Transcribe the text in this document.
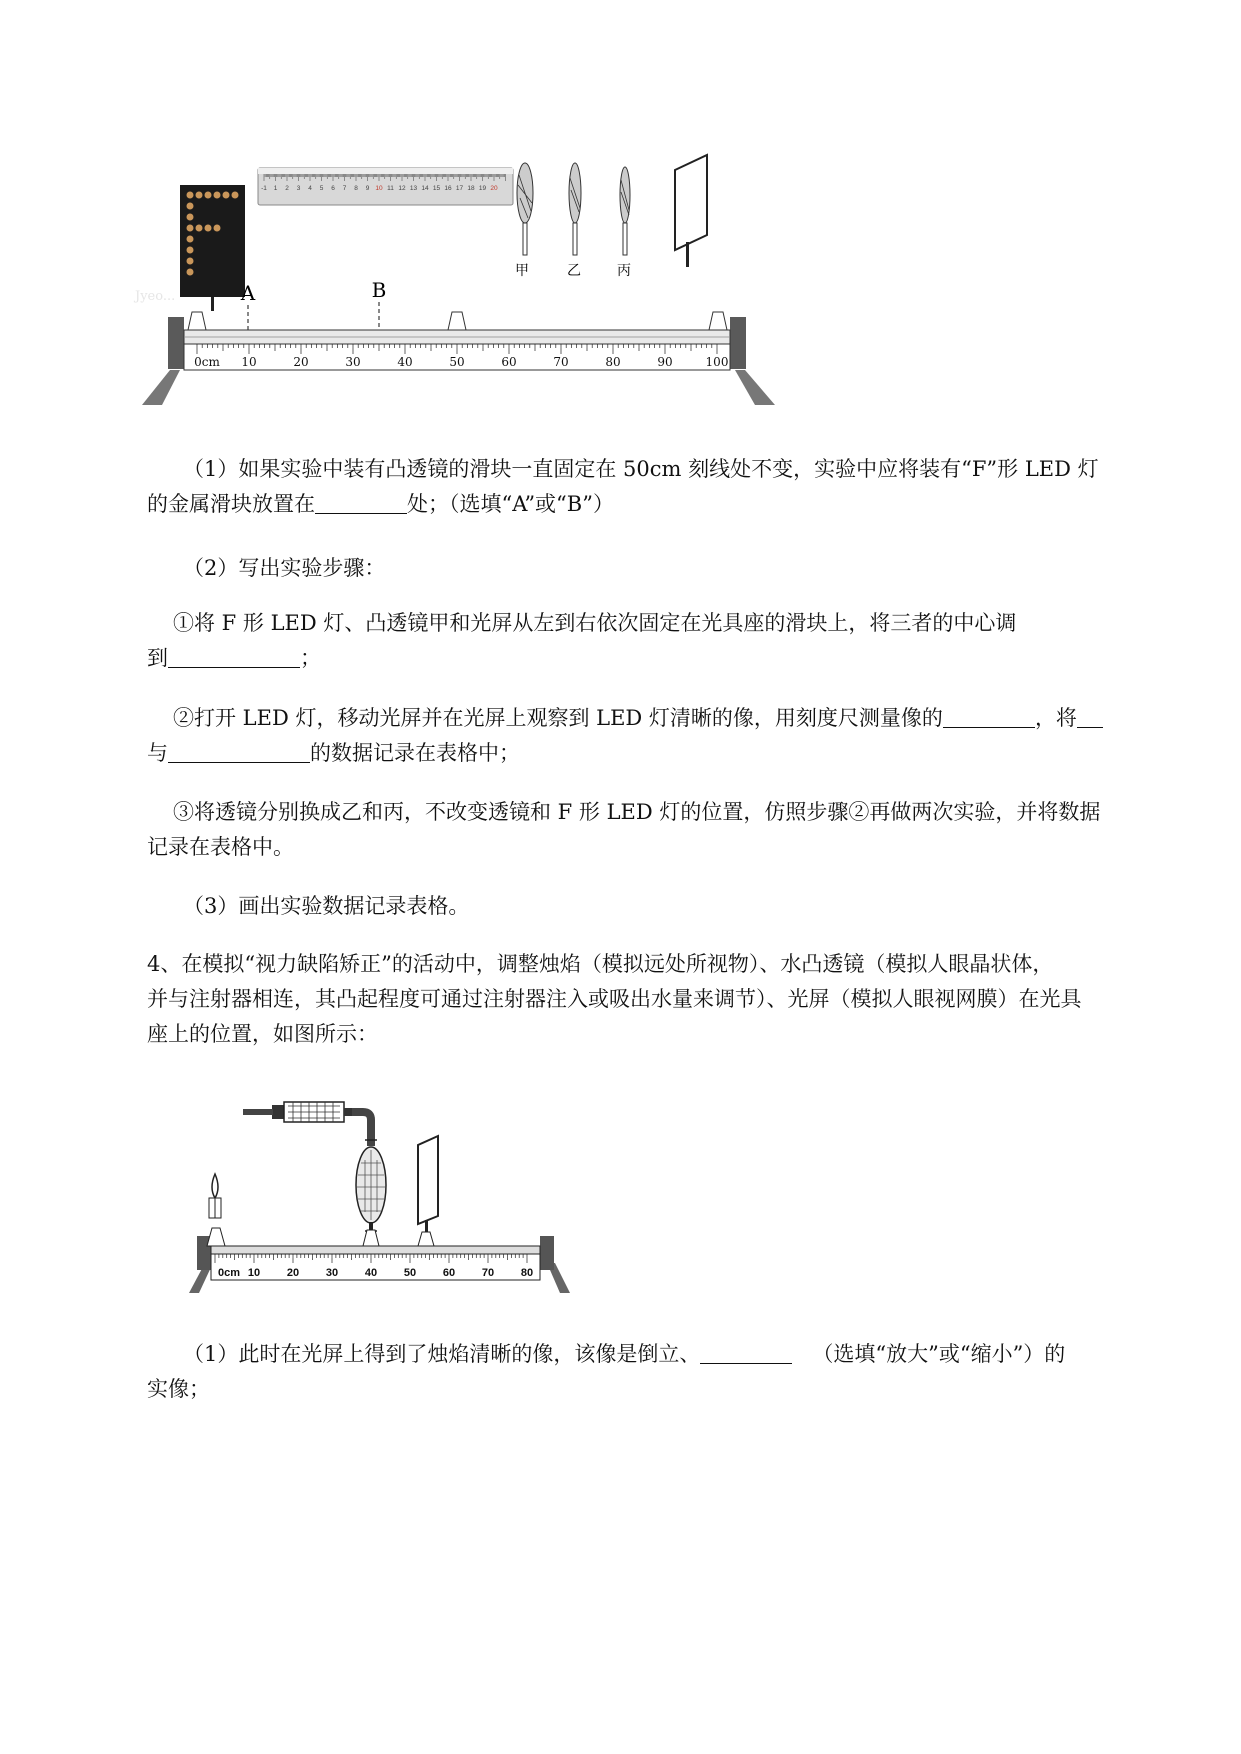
-1 1 2 3 4 5 6 7 8 9 10 11 12 13 14 15 16 17 18 19 20
甲	乙	丙
Jyeo...	A	B
0cm 10	20	30	40	50	60	70	80	90	100
（1）如果实验中装有凸透镜的滑块一直固定在 50cm 刻线处不变，实验中应将装有“F”形 LED 灯
的金属滑块放置在	处；（选填“A”或“B”）
（2）写出实验步骤：
①将 F 形 LED 灯、凸透镜甲和光屏从左到右依次固定在光具座的滑块上，将三者的中心调
到	；
②打开 LED 灯，移动光屏并在光屏上观察到 LED 灯清晰的像，用刻度尺测量像的	，将
与	的数据记录在表格中；
③将透镜分别换成乙和丙，不改变透镜和 F 形 LED 灯的位置，仿照步骤②再做两次实验，并将数据
记录在表格中。
（3）画出实验数据记录表格。
4、在模拟“视力缺陷矫正”的活动中，调整烛焰（模拟远处所视物）、水凸透镜（模拟人眼晶状体，
并与注射器相连，其凸起程度可通过注射器注入或吸出水量来调节）、光屏（模拟人眼视网膜）在光具
座上的位置，如图所示：
0cm 10 20 30 40 50 60 70 80
（1）此时在光屏上得到了烛焰清晰的像，该像是倒立、	（选填“放大”或“缩小”）的
实像；
